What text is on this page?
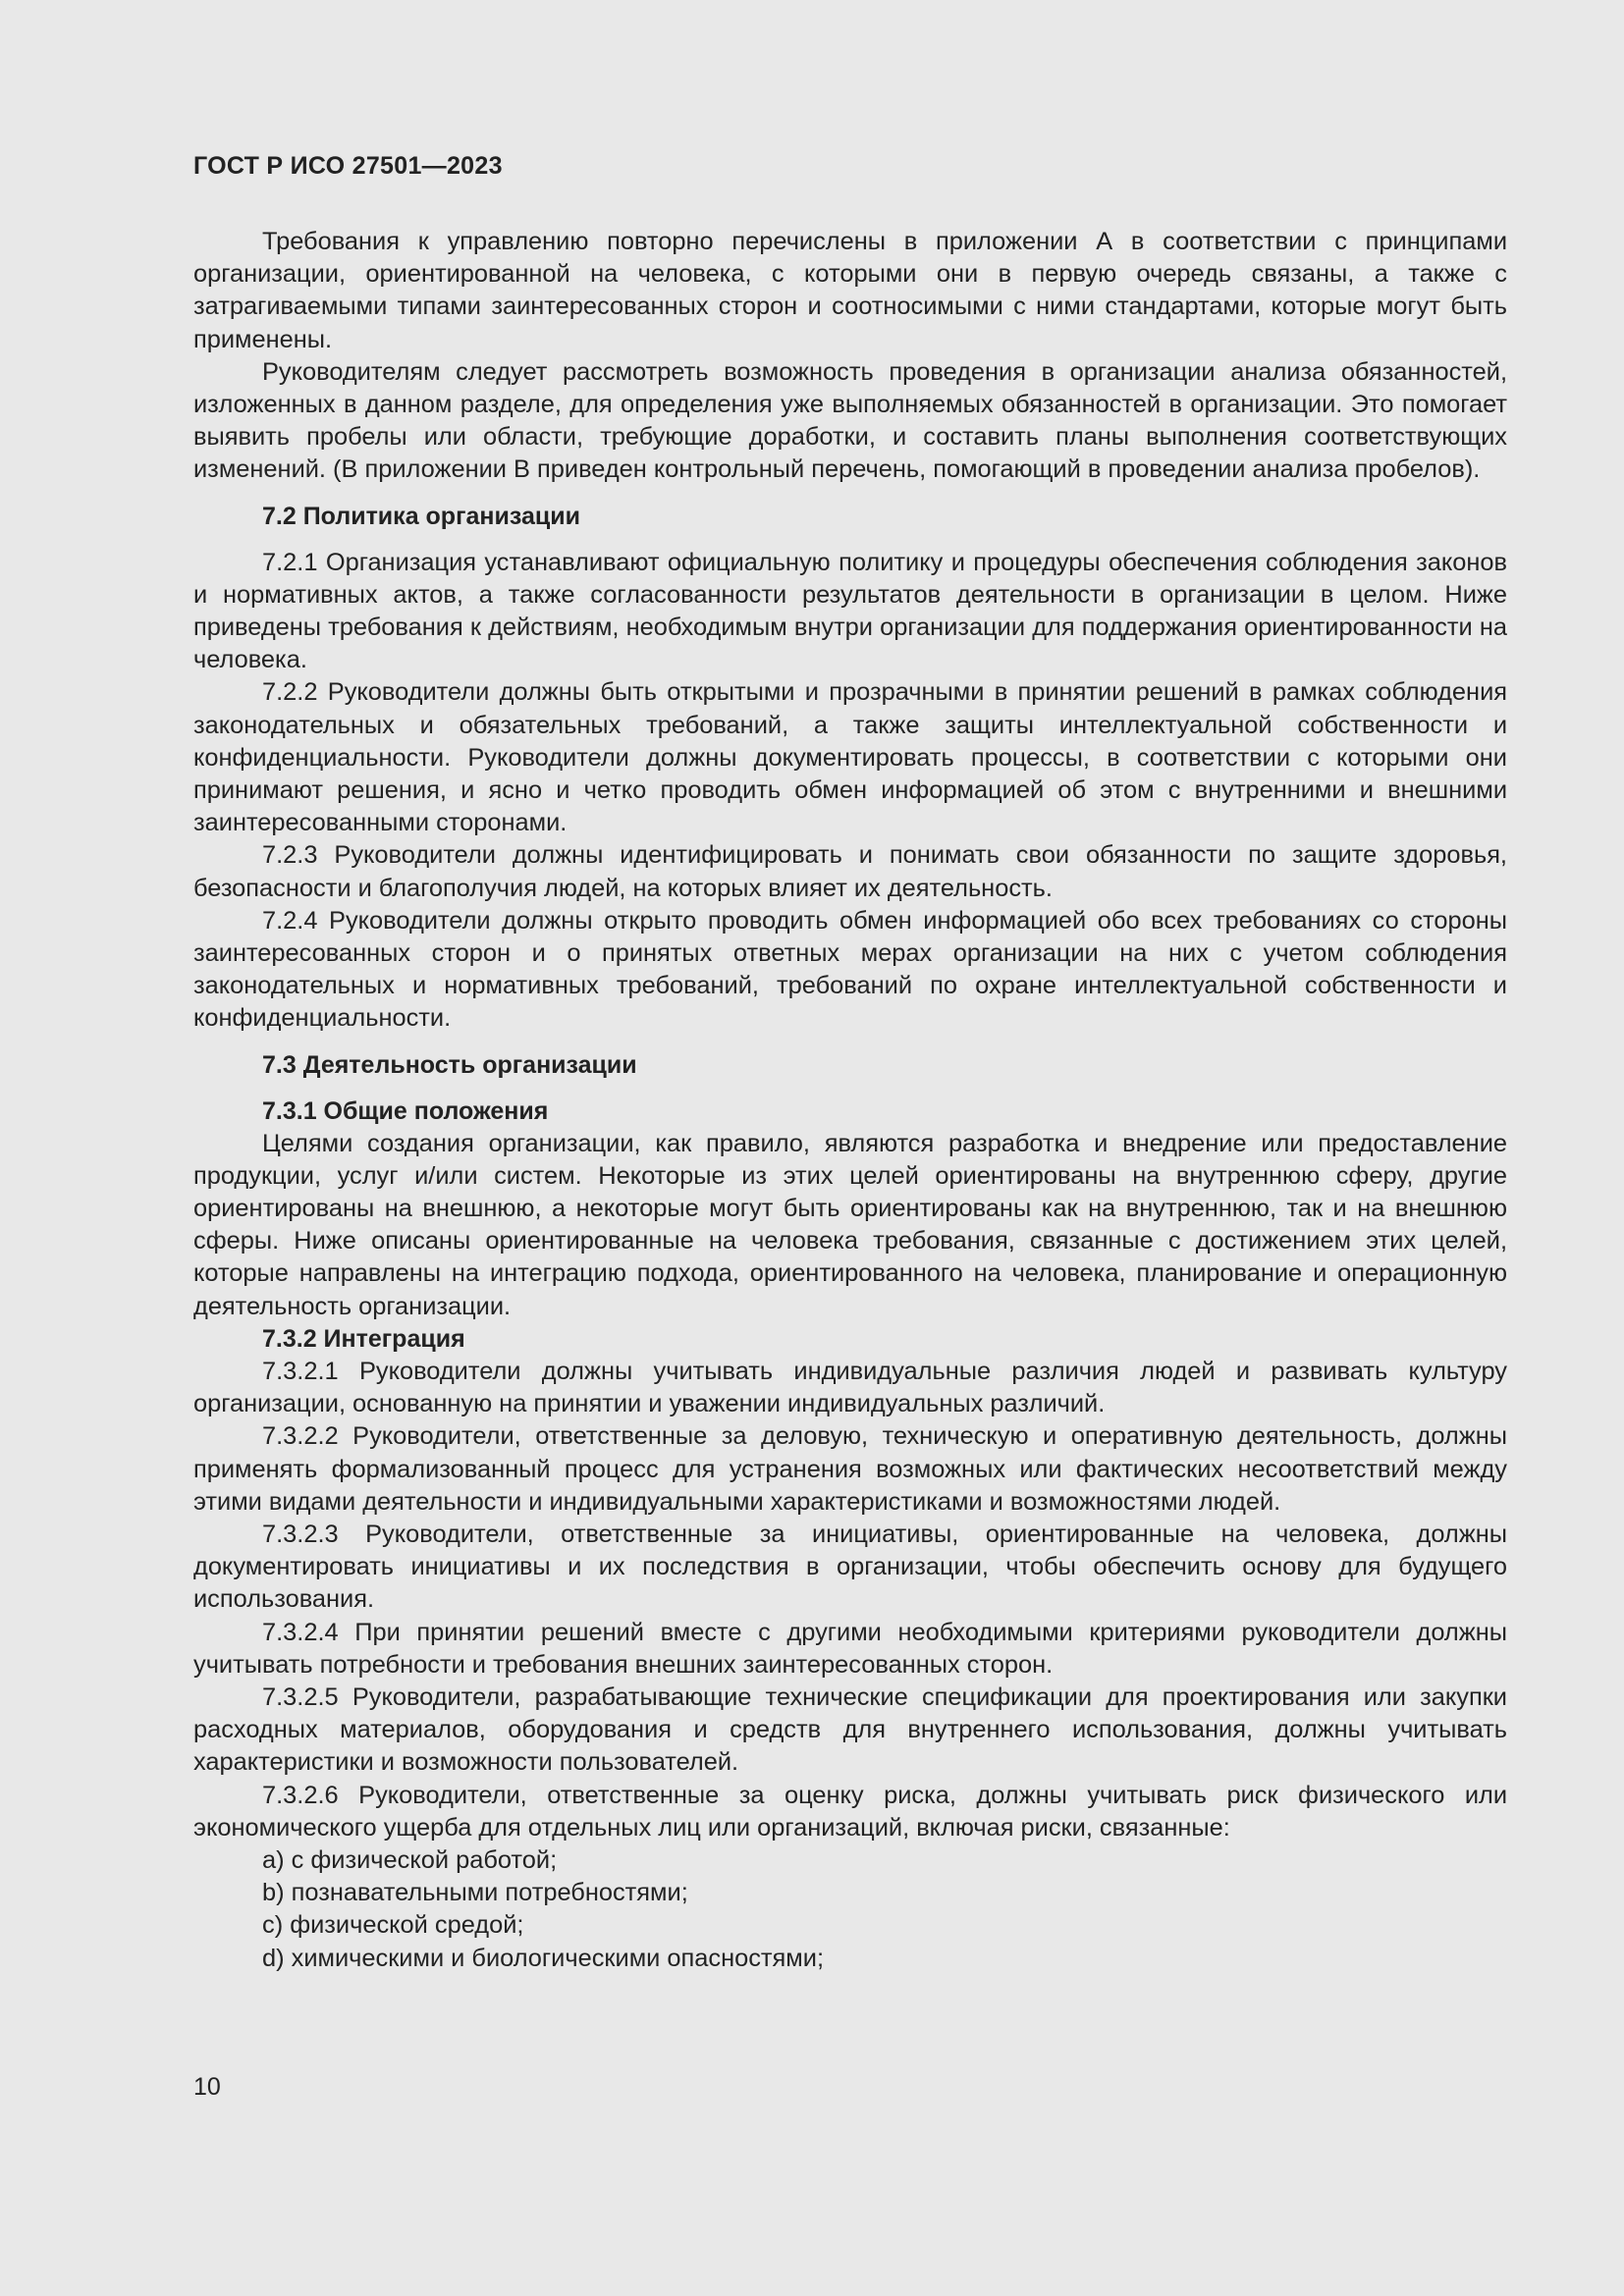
ГОСТ Р ИСО 27501—2023

Требования к управлению повторно перечислены в приложении А в соответствии с принципами организации, ориентированной на человека, с которыми они в первую очередь связаны, а также с затрагиваемыми типами заинтересованных сторон и соотносимыми с ними стандартами, которые могут быть применены.

Руководителям следует рассмотреть возможность проведения в организации анализа обязанностей, изложенных в данном разделе, для определения уже выполняемых обязанностей в организации. Это помогает выявить пробелы или области, требующие доработки, и составить планы выполнения соответствующих изменений. (В приложении В приведен контрольный перечень, помогающий в проведении анализа пробелов).

7.2 Политика организации

7.2.1 Организация устанавливают официальную политику и процедуры обеспечения соблюдения законов и нормативных актов, а также согласованности результатов деятельности в организации в целом. Ниже приведены требования к действиям, необходимым внутри организации для поддержания ориентированности на человека.

7.2.2 Руководители должны быть открытыми и прозрачными в принятии решений в рамках соблюдения законодательных и обязательных требований, а также защиты интеллектуальной собственности и конфиденциальности. Руководители должны документировать процессы, в соответствии с которыми они принимают решения, и ясно и четко проводить обмен информацией об этом с внутренними и внешними заинтересованными сторонами.

7.2.3 Руководители должны идентифицировать и понимать свои обязанности по защите здоровья, безопасности и благополучия людей, на которых влияет их деятельность.

7.2.4 Руководители должны открыто проводить обмен информацией обо всех требованиях со стороны заинтересованных сторон и о принятых ответных мерах организации на них с учетом соблюдения законодательных и нормативных требований, требований по охране интеллектуальной собственности и конфиденциальности.

7.3 Деятельность организации
7.3.1 Общие положения

Целями создания организации, как правило, являются разработка и внедрение или предоставление продукции, услуг и/или систем. Некоторые из этих целей ориентированы на внутреннюю сферу, другие ориентированы на внешнюю, а некоторые могут быть ориентированы как на внутреннюю, так и на внешнюю сферы. Ниже описаны ориентированные на человека требования, связанные с достижением этих целей, которые направлены на интеграцию подхода, ориентированного на человека, планирование и операционную деятельность организации.

7.3.2 Интеграция

7.3.2.1 Руководители должны учитывать индивидуальные различия людей и развивать культуру организации, основанную на принятии и уважении индивидуальных различий.

7.3.2.2 Руководители, ответственные за деловую, техническую и оперативную деятельность, должны применять формализованный процесс для устранения возможных или фактических несоответствий между этими видами деятельности и индивидуальными характеристиками и возможностями людей.

7.3.2.3 Руководители, ответственные за инициативы, ориентированные на человека, должны документировать инициативы и их последствия в организации, чтобы обеспечить основу для будущего использования.

7.3.2.4 При принятии решений вместе с другими необходимыми критериями руководители должны учитывать потребности и требования внешних заинтересованных сторон.

7.3.2.5 Руководители, разрабатывающие технические спецификации для проектирования или закупки расходных материалов, оборудования и средств для внутреннего использования, должны учитывать характеристики и возможности пользователей.

7.3.2.6 Руководители, ответственные за оценку риска, должны учитывать риск физического или экономического ущерба для отдельных лиц или организаций, включая риски, связанные:

a) с физической работой;

b) познавательными потребностями;

c) физической средой;

d) химическими и биологическими опасностями;

10
